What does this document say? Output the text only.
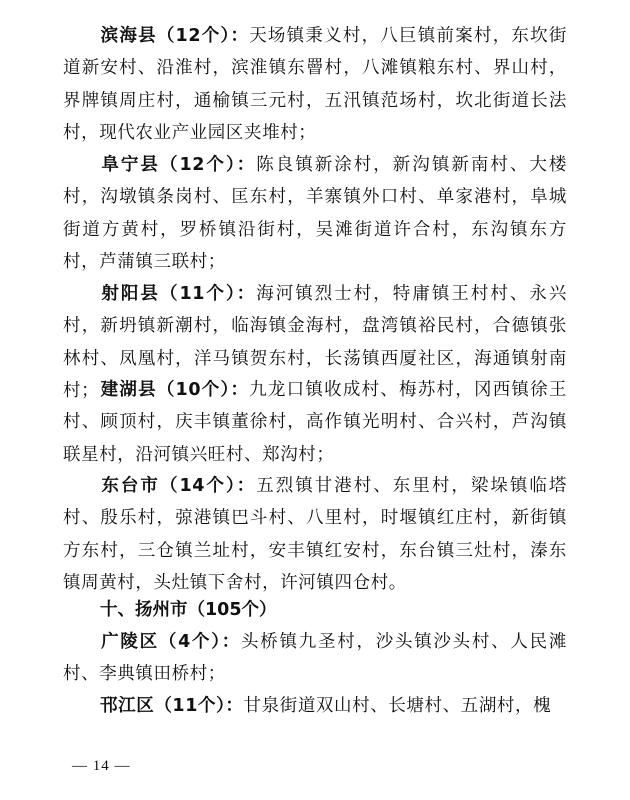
滨海县（12个）：天场镇秉义村，八巨镇前案村，东坎街道新安村、沿淮村，滨淮镇东罾村，八滩镇粮东村、界山村，界牌镇周庄村，通榆镇三元村，五汛镇范场村，坎北街道长法村，现代农业产业园区夹堆村；

阜宁县（12个）：陈良镇新涂村，新沟镇新南村、大楼村，沟墩镇条岗村、匡东村，羊寨镇外口村、单家港村，阜城街道方黄村，罗桥镇沿街村，吴滩街道许合村，东沟镇东方村，芦蒲镇三联村；

射阳县（11个）：海河镇烈士村，特庸镇王村村、永兴村，新坍镇新潮村，临海镇金海村，盘湾镇裕民村，合德镇张林村、凤凰村，洋马镇贺东村，长荡镇西厦社区，海通镇射南村； 建湖县（10个）：九龙口镇收成村、梅苏村，冈西镇徐王村、顾顶村，庆丰镇董徐村，高作镇光明村、合兴村，芦沟镇联星村，沿河镇兴旺村、郑沟村；

东台市（14个）：五烈镇甘港村、东里村，梁垛镇临塔村、殷乐村，弶港镇巴斗村、八里村，时堰镇红庄村，新街镇方东村，三仓镇兰址村，安丰镇红安村，东台镇三灶村，溱东镇周黄村，头灶镇下舍村，许河镇四仓村。

十、扬州市（105个）

广陵区（4个）：头桥镇九圣村，沙头镇沙头村、人民滩村、李典镇田桥村；

邗江区（11个）：甘泉街道双山村、长塘村、五湖村，槐

— 14 —
